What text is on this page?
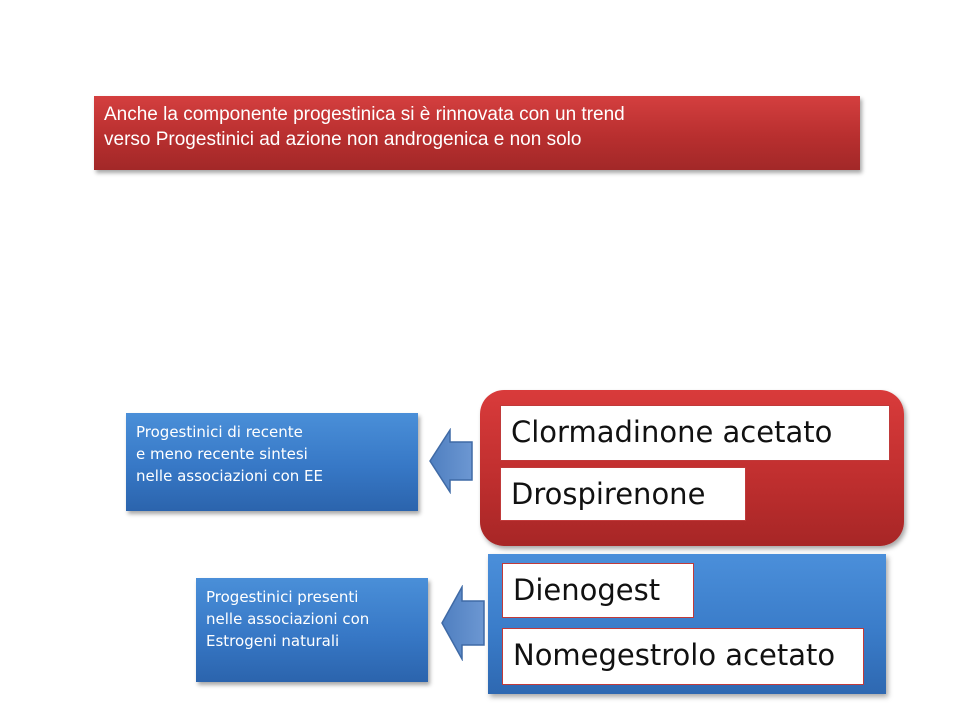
Anche la componente progestinica si è rinnovata con un trend
verso Progestinici ad azione non androgenica e non solo
Progestinici di recente
e meno recente sintesi
nelle associazioni con EE
Clormadinone acetato
Drospirenone
Progestinici presenti
nelle associazioni con
Estrogeni naturali
Dienogest
Nomegestrolo acetato
